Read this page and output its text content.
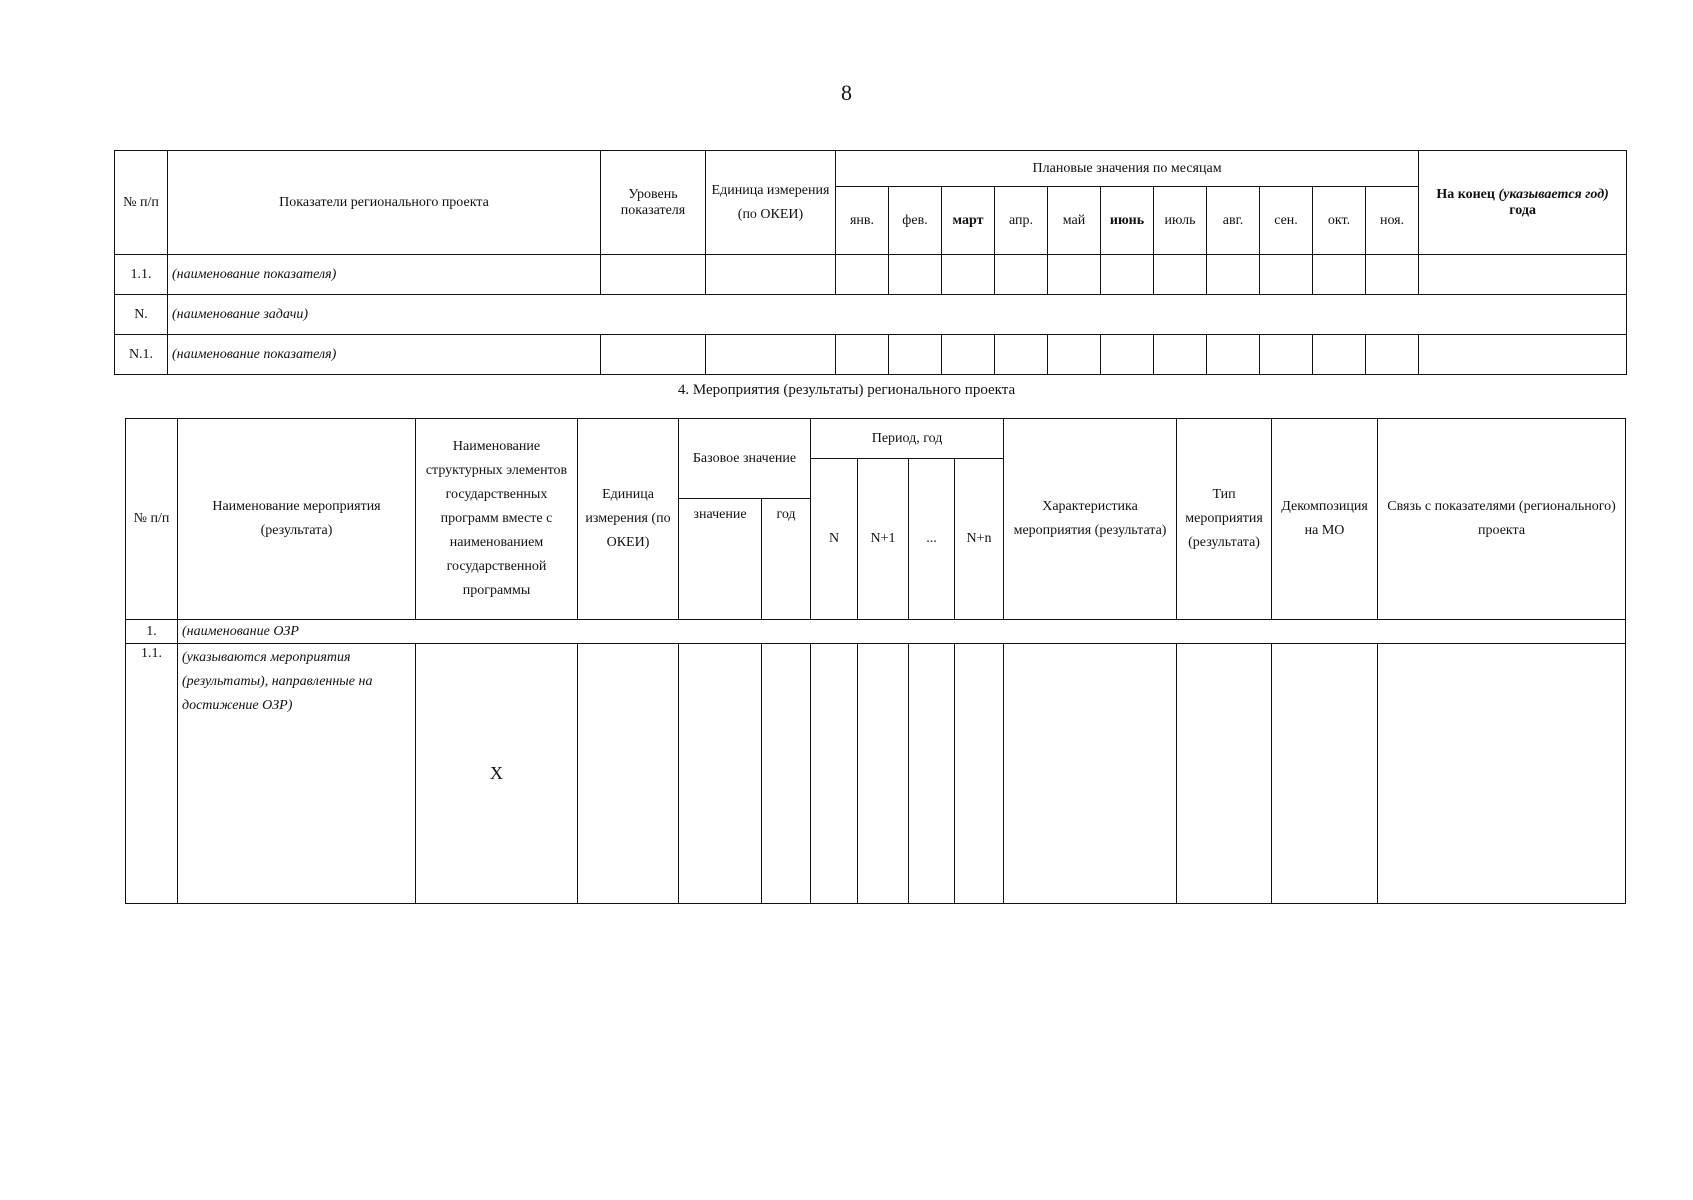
8
№ п/п	Показатели регионального проекта	Уровень показателя	Единица измерения (по ОКЕИ)	Плановые значения по месяцам											На конец (указывается год) года
				янв.	фев.	март	апр.	май	июнь	июль	авг.	сен.	окт.	ноя.	
1.1.	(наименование показателя)														
N.	(наименование задачи)														
N.1.	(наименование показателя)														
4. Мероприятия (результаты) регионального проекта
№ п/п	Наименование мероприятия (результата)	Наименование структурных элементов государственных программ вместе с наименованием государственной программы	Единица измерения (по ОКЕИ)	Базовое значение		Период, год				Характеристика мероприятия (результата)	Тип мероприятия (результата)	Декомпозиция на МО	Связь с показателями (регионального) проекта
						N	N+1	...	N+n				
				значение	год								
1.	(наименование ОЗР												
1.1.	(указываются мероприятия (результаты), направленные на достижение ОЗР)	X											
